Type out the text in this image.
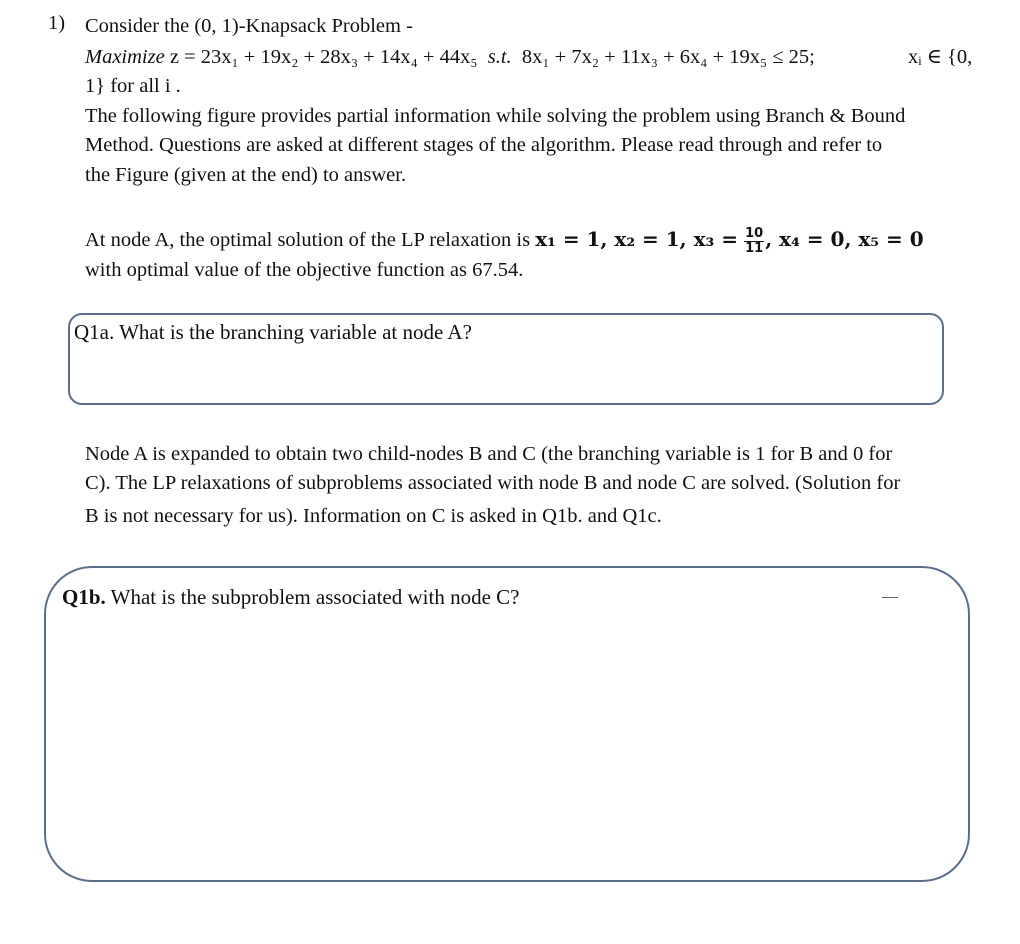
1) Consider the (0, 1)-Knapsack Problem -
Maximize z = 23x₁ + 19x₂ + 28x₃ + 14x₄ + 44x₅ s.t. 8x₁ + 7x₂ + 11x₃ + 6x₄ + 19x₅ ≤ 25;	xᵢ ∈ {0,
1} for all i .
The following figure provides partial information while solving the problem using Branch & Bound
Method. Questions are asked at different stages of the algorithm. Please read through and refer to
the Figure (given at the end) to answer.
At node A, the optimal solution of the LP relaxation is x₁ = 1, x₂ = 1, $x_3 = \frac{10}{11}$ , x₄ = 0, x₅ = 0
with optimal value of the objective function as 67.54.
Q1a. What is the branching variable at node A?
Node A is expanded to obtain two child-nodes B and C (the branching variable is 1 for B and 0 for
C). The LP relaxations of subproblems associated with node B and node C are solved. (Solution for
B is not necessary for us). Information on C is asked in Q1b. and Q1c.
Q1b. What is the subproblem associated with node C?
